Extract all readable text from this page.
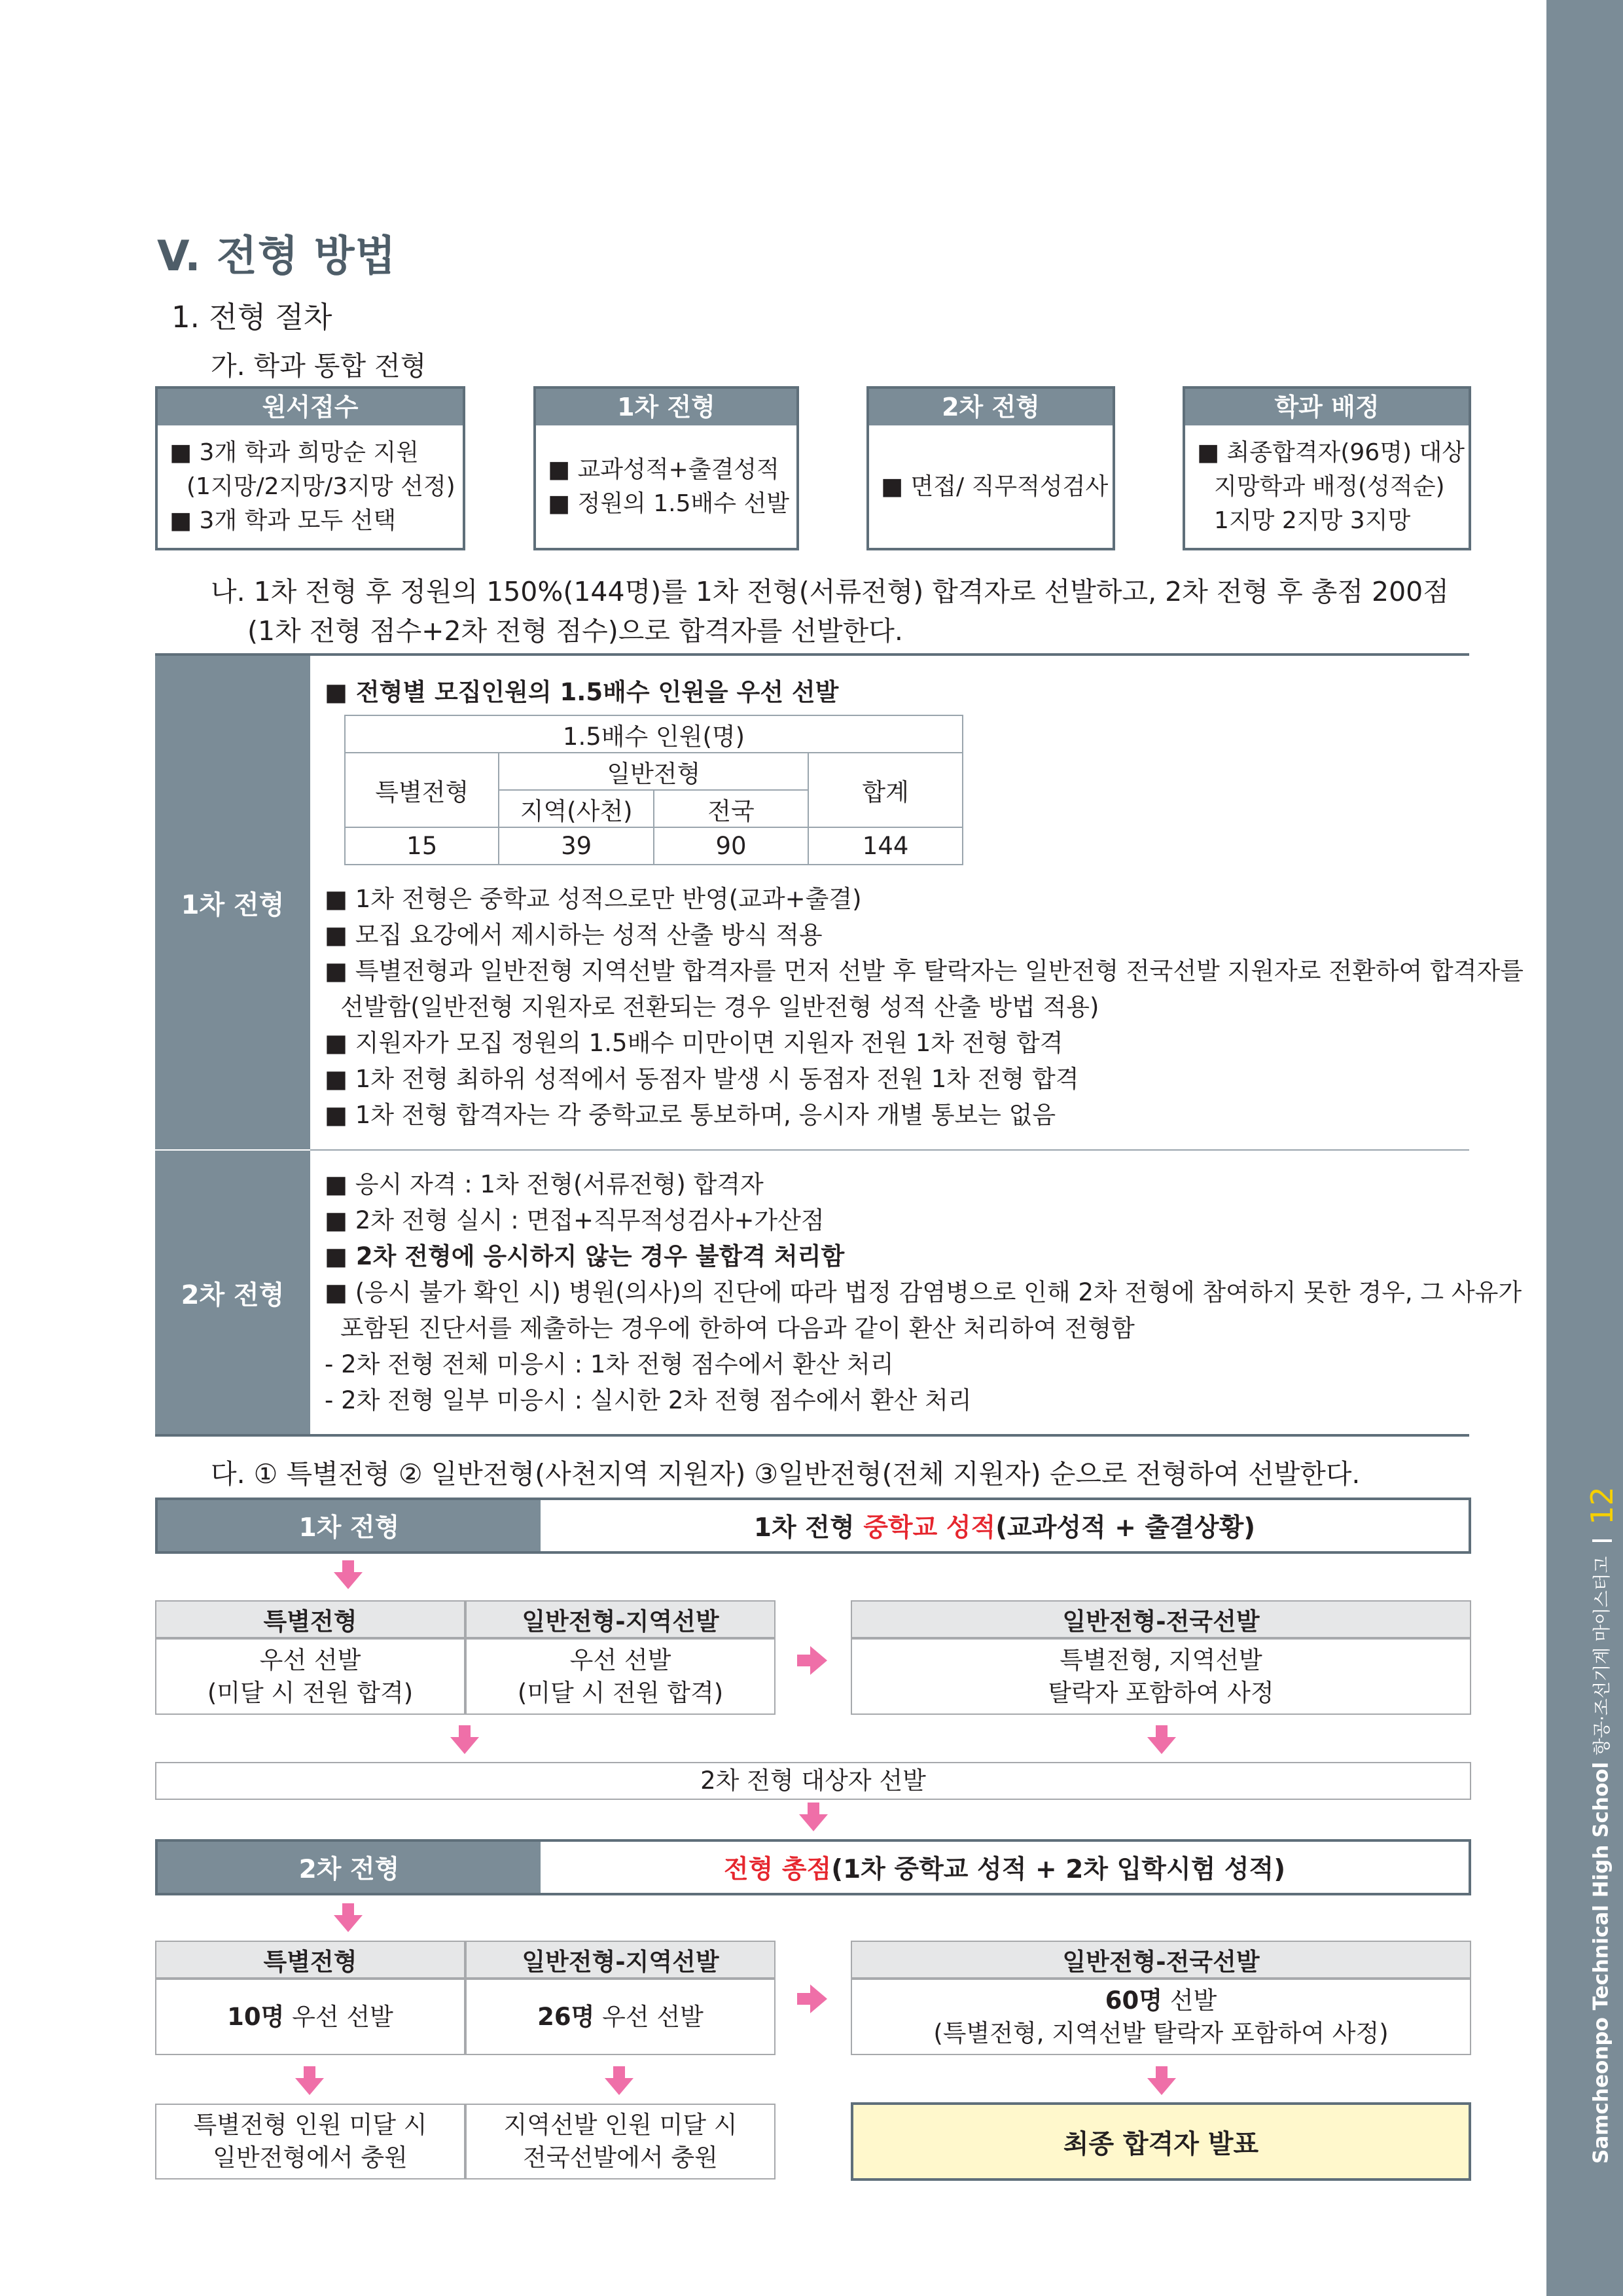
Samcheonpo Technical High School항공·조선기계 마이스터고12
V. 전형 방법
1. 전형 절차
가. 학과 통합 전형
원서접수
■ 3개 학과 희망순 지원
(1지망/2지망/3지망 선정)
■ 3개 학과 모두 선택
1차 전형
■ 교과성적+출결성적
■ 정원의 1.5배수 선발
2차 전형
■ 면접/ 직무적성검사
학과 배정
■ 최종합격자(96명) 대상
지망학과 배정(성적순)
1지망 2지망 3지망
나. 1차 전형 후 정원의 150%(144명)를 1차 전형(서류전형) 합격자로 선발하고, 2차 전형 후 총점 200점
(1차 전형 점수+2차 전형 점수)으로 합격자를 선발한다.
1차 전형
2차 전형
■ 전형별 모집인원의 1.5배수 인원을 우선 선발
1.5배수 인원(명)			
특별전형	일반전형		합계
	지역(사천)	전국	
15	39	90	144
■ 1차 전형은 중학교 성적으로만 반영(교과+출결)
■ 모집 요강에서 제시하는 성적 산출 방식 적용
■ 특별전형과 일반전형 지역선발 합격자를 먼저 선발 후 탈락자는 일반전형 전국선발 지원자로 전환하여 합격자를
선발함(일반전형 지원자로 전환되는 경우 일반전형 성적 산출 방법 적용)
■ 지원자가 모집 정원의 1.5배수 미만이면 지원자 전원 1차 전형 합격
■ 1차 전형 최하위 성적에서 동점자 발생 시 동점자 전원 1차 전형 합격
■ 1차 전형 합격자는 각 중학교로 통보하며, 응시자 개별 통보는 없음
■ 응시 자격 : 1차 전형(서류전형) 합격자
■ 2차 전형 실시 : 면접+직무적성검사+가산점
■ 2차 전형에 응시하지 않는 경우 불합격 처리함
■ (응시 불가 확인 시) 병원(의사)의 진단에 따라 법정 감염병으로 인해 2차 전형에 참여하지 못한 경우, 그 사유가
포함된 진단서를 제출하는 경우에 한하여 다음과 같이 환산 처리하여 전형함
- 2차 전형 전체 미응시 : 1차 전형 점수에서 환산 처리
- 2차 전형 일부 미응시 : 실시한 2차 전형 점수에서 환산 처리
다. ① 특별전형 ② 일반전형(사천지역 지원자) ③일반전형(전체 지원자) 순으로 전형하여 선발한다.
1차 전형	1차 전형
중학교 성적 (교과성적 + 출결상황)
특별전형	일반전형-지역선발	일반전형-전국선발
우선 선발
(미달 시 전원 합격)
우선 선발
(미달 시 전원 합격)
특별전형, 지역선발
탈락자 포함하여 사정
2차 전형 대상자 선발
2차 전형	전형 총점 (1차 중학교 성적 + 2차 입학시험 성적)
특별전형	일반전형-지역선발	일반전형-전국선발
10명 우선 선발	26명 우선 선발
60명 선발
(특별전형, 지역선발 탈락자 포함하여 사정)
특별전형 인원 미달 시
일반전형에서 충원
지역선발 인원 미달 시
전국선발에서 충원	최종 합격자 발표
